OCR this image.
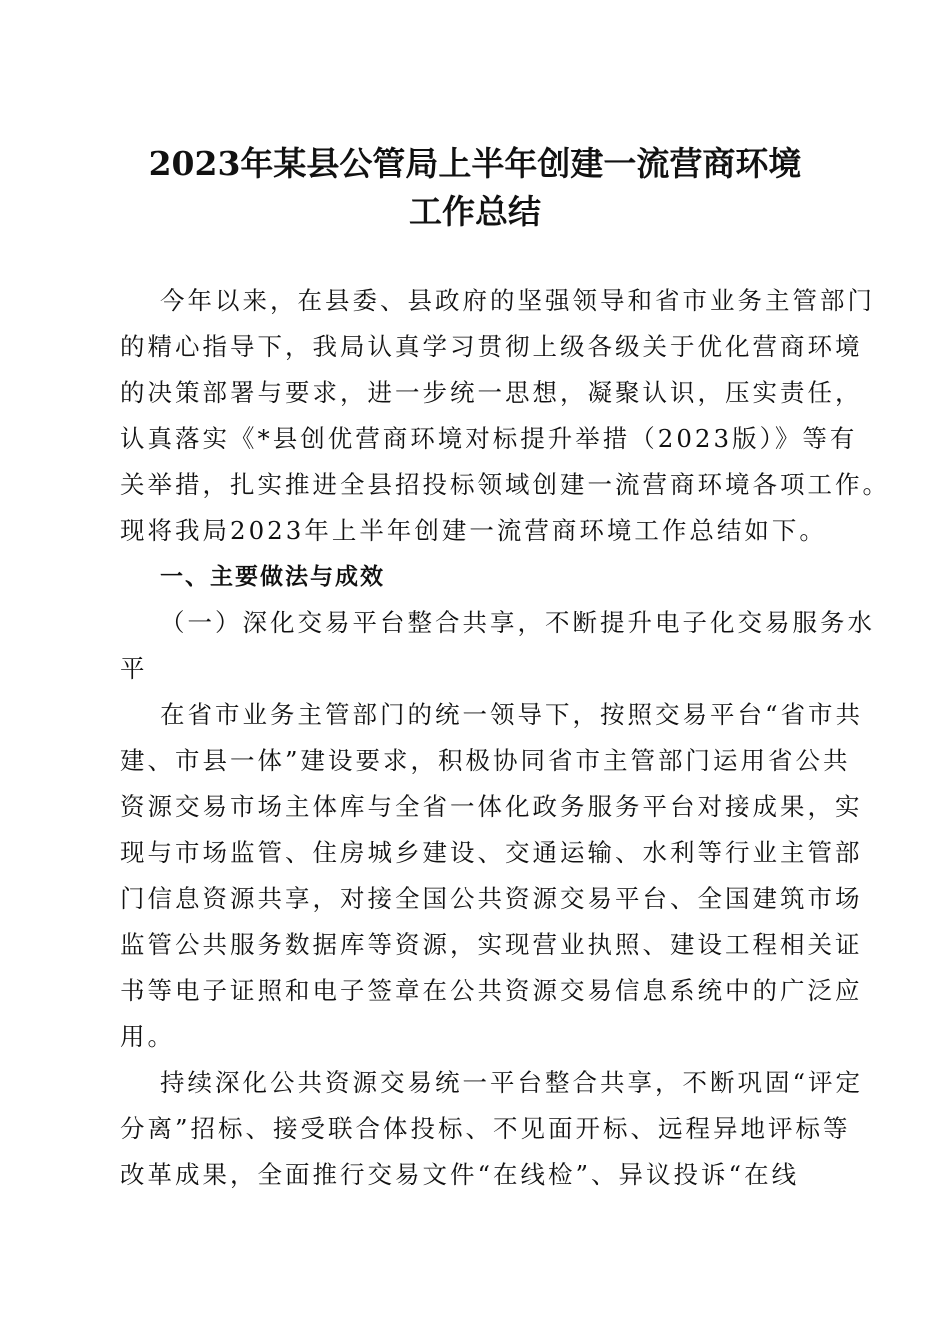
2023年某县公管局上半年创建一流营商环境
工作总结
今年以来，在县委、县政府的坚强领导和省市业务主管部门
的精心指导下，我局认真学习贯彻上级各级关于优化营商环境
的决策部署与要求，进一步统一思想，凝聚认识，压实责任，
认真落实《*县创优营商环境对标提升举措（2023版）》等有
关举措，扎实推进全县招投标领域创建一流营商环境各项工作。
现将我局2023年上半年创建一流营商环境工作总结如下。
一、主要做法与成效
（一）深化交易平台整合共享，不断提升电子化交易服务水
平
在省市业务主管部门的统一领导下，按照交易平台“省市共
建、市县一体”建设要求，积极协同省市主管部门运用省公共
资源交易市场主体库与全省一体化政务服务平台对接成果，实
现与市场监管、住房城乡建设、交通运输、水利等行业主管部
门信息资源共享，对接全国公共资源交易平台、全国建筑市场
监管公共服务数据库等资源，实现营业执照、建设工程相关证
书等电子证照和电子签章在公共资源交易信息系统中的广泛应
用。
持续深化公共资源交易统一平台整合共享，不断巩固“评定
分离”招标、接受联合体投标、不见面开标、远程异地评标等
改革成果，全面推行交易文件“在线检”、异议投诉“在线
